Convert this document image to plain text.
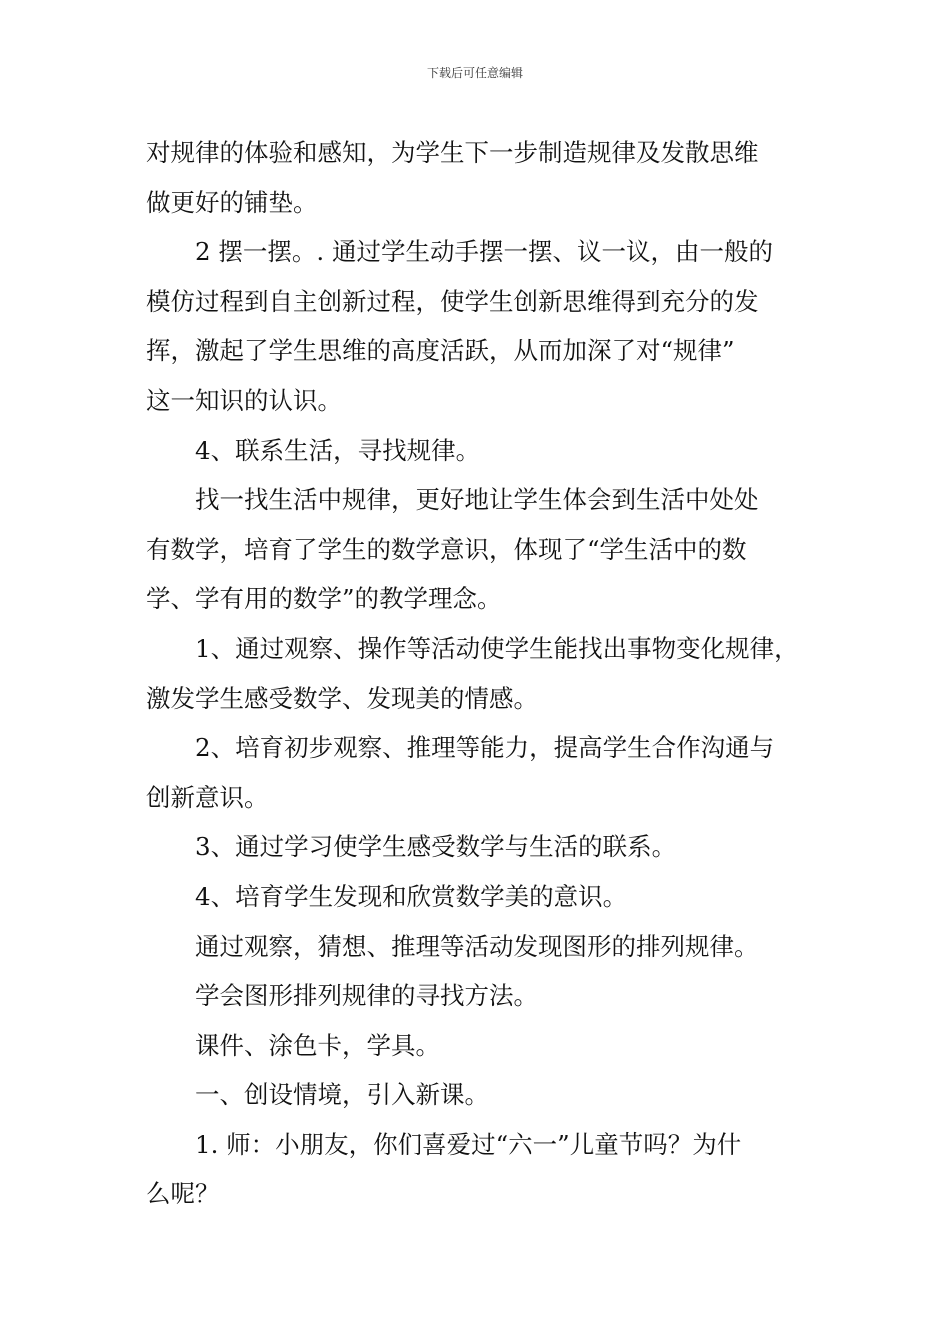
下载后可任意编辑

对规律的体验和感知，为学生下一步制造规律及发散思维

做更好的铺垫。

2 摆一摆。. 通过学生动手摆一摆、议一议，由一般的

模仿过程到自主创新过程，使学生创新思维得到充分的发

挥，激起了学生思维的高度活跃，从而加深了对“规律”

这一知识的认识。

4、联系生活，寻找规律。

找一找生活中规律，更好地让学生体会到生活中处处

有数学，培育了学生的数学意识，体现了“学生活中的数

学、学有用的数学”的教学理念。

1、通过观察、操作等活动使学生能找出事物变化规律，

激发学生感受数学、发现美的情感。

2、培育初步观察、推理等能力，提高学生合作沟通与

创新意识。

3、通过学习使学生感受数学与生活的联系。

4、培育学生发现和欣赏数学美的意识。

通过观察，猜想、推理等活动发现图形的排列规律。

学会图形排列规律的寻找方法。

课件、涂色卡，学具。

一、创设情境，引入新课。

1. 师：小朋友，你们喜爱过“六一”儿童节吗？为什

么呢？
